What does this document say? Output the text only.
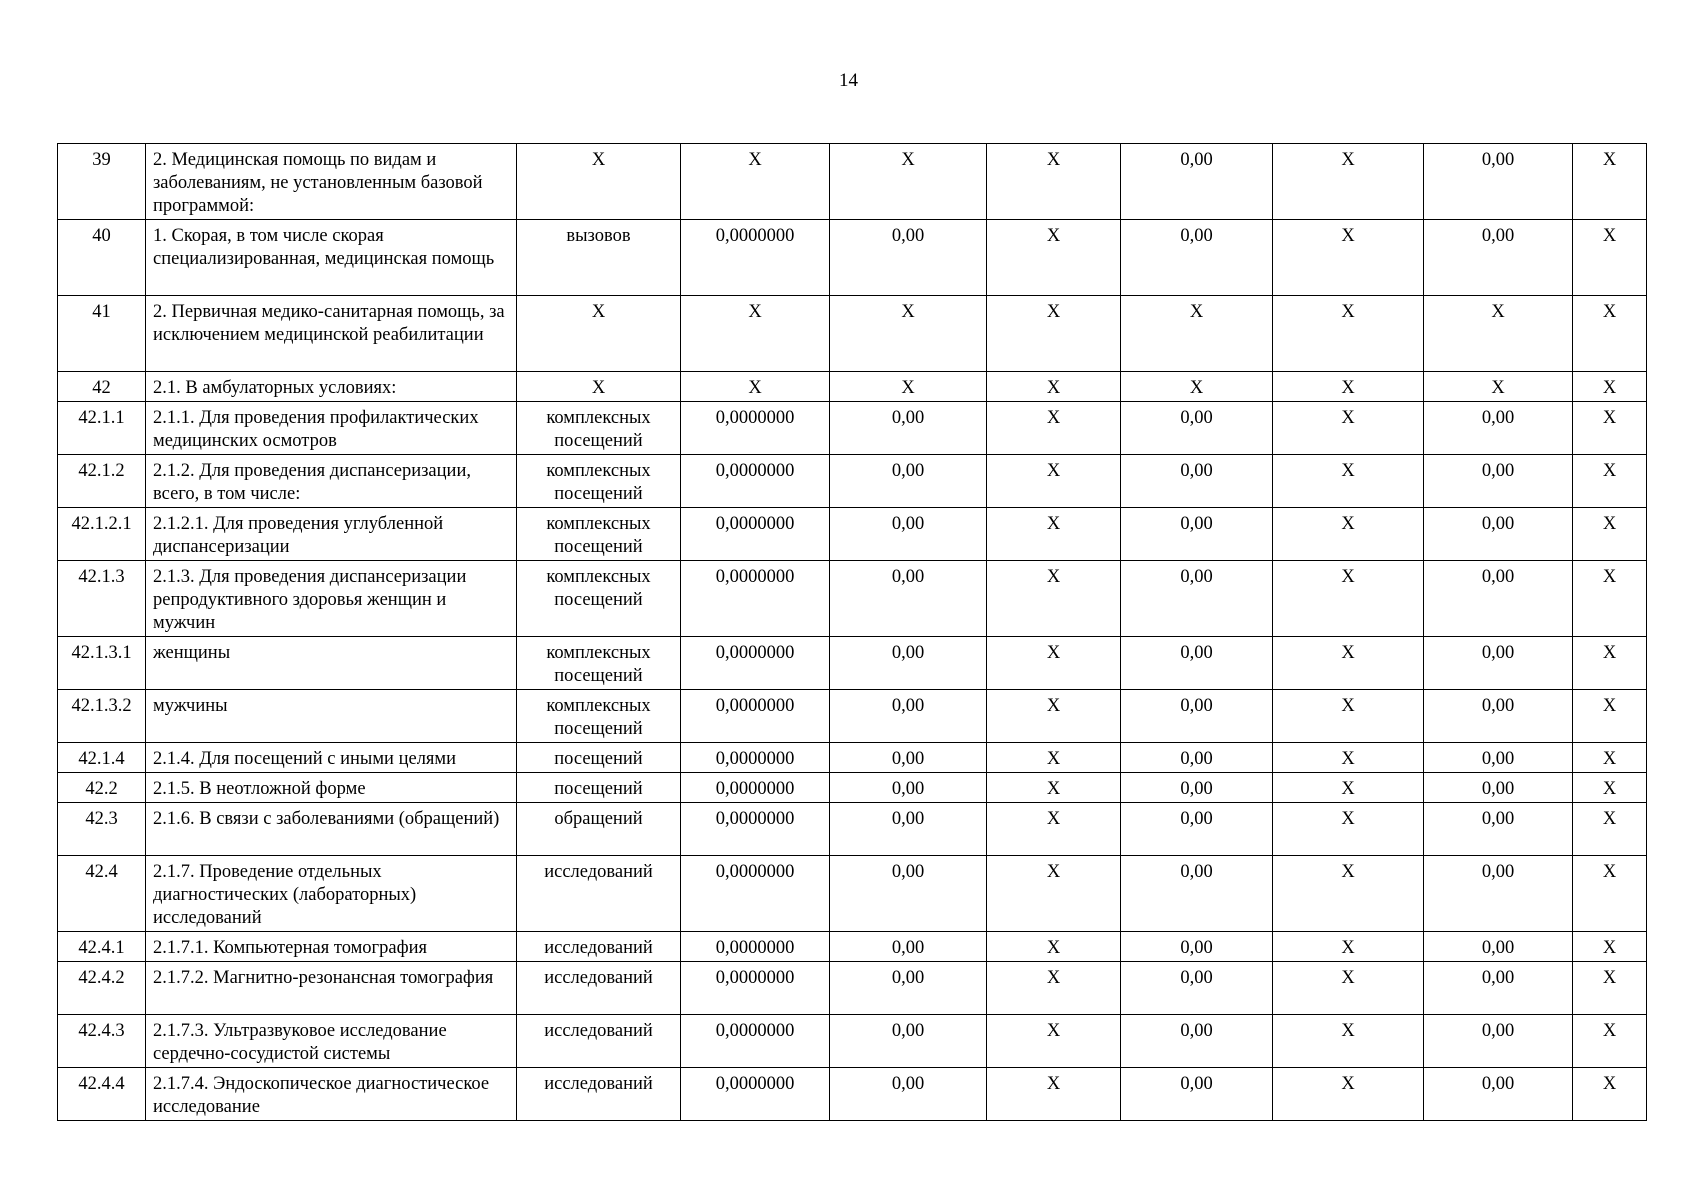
14
39	2. Медицинская помощь по видам и заболеваниям, не установленным базовой программой:	X	X	X	X	0,00	X	0,00	X
40	1. Скорая, в том числе скорая специализированная, медицинская помощь	вызовов	0,0000000	0,00	X	0,00	X	0,00	X
41	2. Первичная медико-санитарная помощь, за исключением медицинской реабилитации	X	X	X	X	X	X	X	X
42	2.1. В амбулаторных условиях:	X	X	X	X	X	X	X	X
42.1.1	2.1.1. Для проведения профилактических медицинских осмотров	комплексных посещений	0,0000000	0,00	X	0,00	X	0,00	X
42.1.2	2.1.2. Для проведения диспансеризации, всего, в том числе:	комплексных посещений	0,0000000	0,00	X	0,00	X	0,00	X
42.1.2.1	2.1.2.1. Для проведения углубленной диспансеризации	комплексных посещений	0,0000000	0,00	X	0,00	X	0,00	X
42.1.3	2.1.3. Для проведения диспансеризации репродуктивного здоровья женщин и мужчин	комплексных посещений	0,0000000	0,00	X	0,00	X	0,00	X
42.1.3.1	женщины	комплексных посещений	0,0000000	0,00	X	0,00	X	0,00	X
42.1.3.2	мужчины	комплексных посещений	0,0000000	0,00	X	0,00	X	0,00	X
42.1.4	2.1.4. Для посещений с иными целями	посещений	0,0000000	0,00	X	0,00	X	0,00	X
42.2	2.1.5. В неотложной форме	посещений	0,0000000	0,00	X	0,00	X	0,00	X
42.3	2.1.6. В связи с заболеваниями (обращений)	обращений	0,0000000	0,00	X	0,00	X	0,00	X
42.4	2.1.7. Проведение отдельных диагностических (лабораторных) исследований	исследований	0,0000000	0,00	X	0,00	X	0,00	X
42.4.1	2.1.7.1. Компьютерная томография	исследований	0,0000000	0,00	X	0,00	X	0,00	X
42.4.2	2.1.7.2. Магнитно-резонансная томография	исследований	0,0000000	0,00	X	0,00	X	0,00	X
42.4.3	2.1.7.3. Ультразвуковое исследование сердечно-сосудистой системы	исследований	0,0000000	0,00	X	0,00	X	0,00	X
42.4.4	2.1.7.4. Эндоскопическое диагностическое исследование	исследований	0,0000000	0,00	X	0,00	X	0,00	X
